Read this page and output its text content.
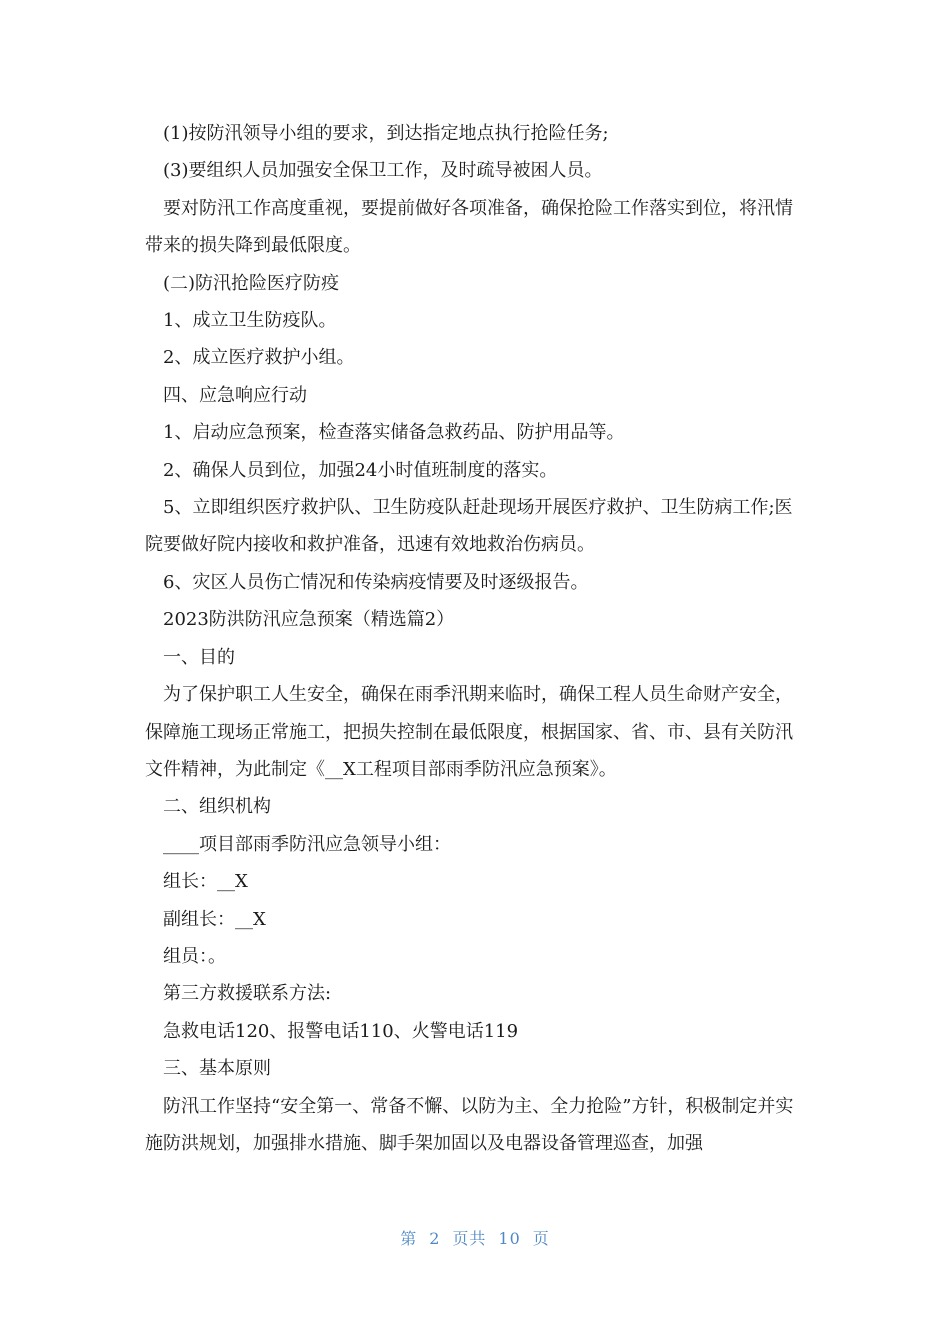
(1)按防汛领导小组的要求，到达指定地点执行抢险任务;

(3)要组织人员加强安全保卫工作，及时疏导被困人员。

要对防汛工作高度重视，要提前做好各项准备，确保抢险工作落实到位，将汛情带来的损失降到最低限度。

(二)防汛抢险医疗防疫

1、成立卫生防疫队。

2、成立医疗救护小组。

四、应急响应行动

1、启动应急预案，检查落实储备急救药品、防护用品等。

2、确保人员到位，加强24小时值班制度的落实。

5、立即组织医疗救护队、卫生防疫队赶赴现场开展医疗救护、卫生防病工作;医院要做好院内接收和救护准备，迅速有效地救治伤病员。

6、灾区人员伤亡情况和传染病疫情要及时逐级报告。

2023防洪防汛应急预案（精选篇2）

一、目的

为了保护职工人生安全，确保在雨季汛期来临时，确保工程人员生命财产安全，保障施工现场正常施工，把损失控制在最低限度，根据国家、省、市、县有关防汛文件精神，为此制定《__X工程项目部雨季防汛应急预案》。

二、组织机构

____项目部雨季防汛应急领导小组：

组长：__X

副组长：__X

组员：。

第三方救援联系方法:

急救电话120、报警电话110、火警电话119

三、基本原则

防汛工作坚持“安全第一、常备不懈、以防为主、全力抢险”方针，积极制定并实施防洪规划，加强排水措施、脚手架加固以及电器设备管理巡查，加强

第 2 页共 10 页
